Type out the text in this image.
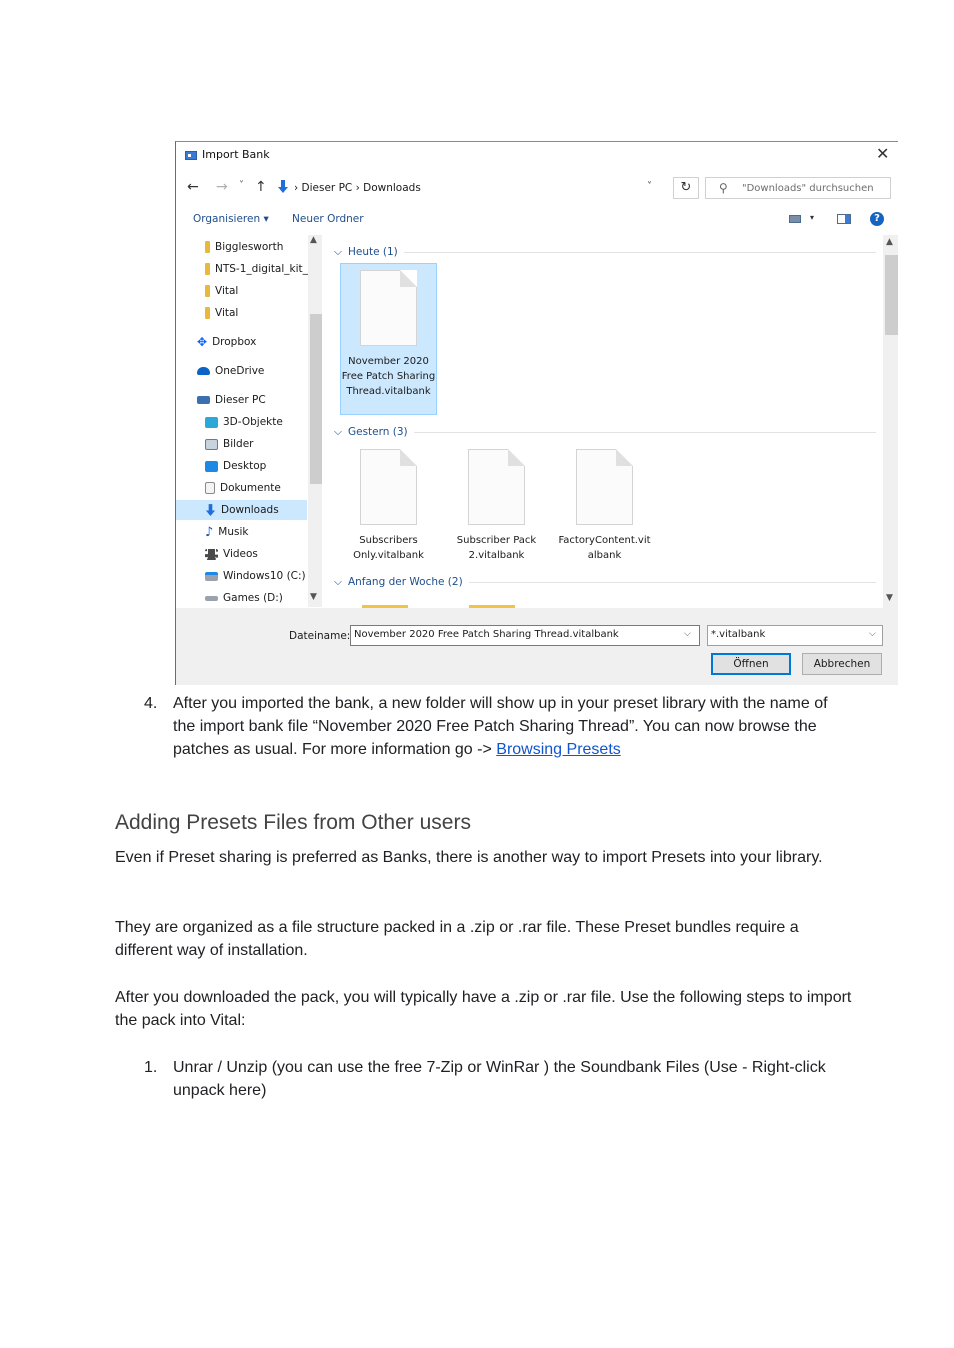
Import Bank	✕
← → ˅ ↑	› Dieser PC › Downloads	˅	↻	⚲ "Downloads" durchsuchen
Organisieren ▾ Neuer Ordner	▾	?
Bigglesworth
NTS-1_digital_kit_
Vital
Vital
✥ Dropbox
OneDrive
Dieser PC
3D-Objekte
Bilder
Desktop
Dokumente
Downloads
♪ Musik
Videos
Windows10 (C:)
Games (D:)
▲
▼
⌵ Heute (1)
November 2020 Free Patch Sharing Thread.vitalbank
⌵ Gestern (3)
Subscribers Only.vitalbank
Subscriber Pack 2.vitalbank
FactoryContent.vitalbank
⌵ Anfang der Woche (2)
▲
▼
Dateiname: November 2020 Free Patch Sharing Thread.vitalbank	⌵	*.vitalbank	⌵
Öffnen	Abbrechen
4. After you imported the bank, a new folder will show up in your preset library with the name of the import bank file “November 2020 Free Patch Sharing Thread”. You can now browse the patches as usual. For more information go -> Browsing Presets
Adding Presets Files from Other users
Even if Preset sharing is preferred as Banks, there is another way to import Presets into your library.
They are organized as a file structure packed in a .zip or .rar file. These Preset bundles require a different way of installation.
After you downloaded the pack, you will typically have a .zip or .rar file. Use the following steps to import the pack into Vital:
1. Unrar / Unzip (you can use the free 7-Zip or WinRar ) the Soundbank Files (Use - Right-click unpack here)
